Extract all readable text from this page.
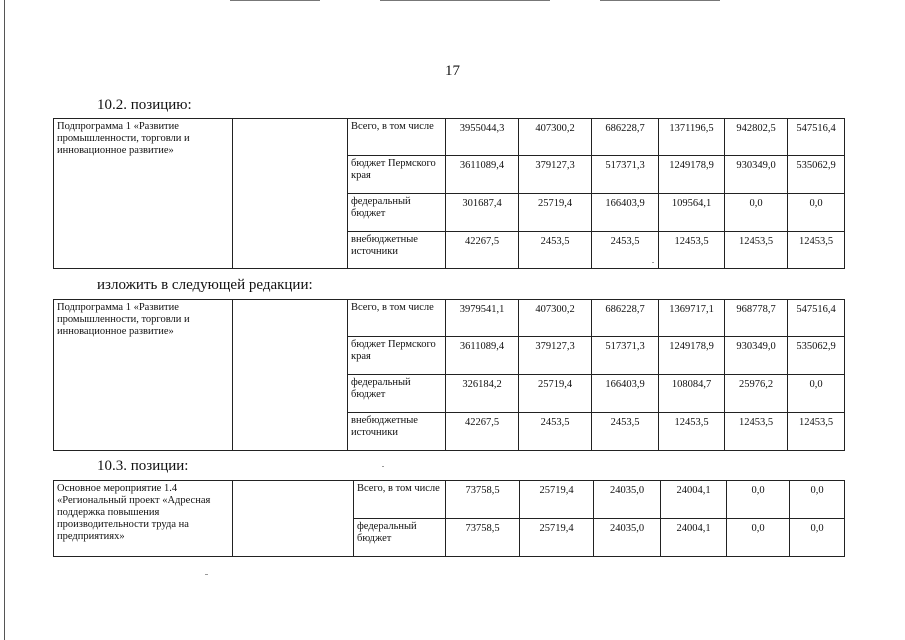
17
10.2. позицию:
Подпрограмма 1 «Развитие промышленности, торговли и инновационное развитие»		Всего, в том числе	3955044,3	407300,2	686228,7	1371196,5	942802,5	547516,4
		бюджет Пермского края	3611089,4	379127,3	517371,3	1249178,9	930349,0	535062,9
		федеральный бюджет	301687,4	25719,4	166403,9	109564,1	0,0	0,0
		внебюджетные источники	42267,5	2453,5	2453,5	12453,5	12453,5	12453,5
изложить в следующей редакции:
Подпрограмма 1 «Развитие промышленности, торговли и инновационное развитие»		Всего, в том числе	3979541,1	407300,2	686228,7	1369717,1	968778,7	547516,4
		бюджет Пермского края	3611089,4	379127,3	517371,3	1249178,9	930349,0	535062,9
		федеральный бюджет	326184,2	25719,4	166403,9	108084,7	25976,2	0,0
		внебюджетные источники	42267,5	2453,5	2453,5	12453,5	12453,5	12453,5
10.3. позиции:
Основное мероприятие 1.4 «Региональный проект «Адресная поддержка повышения производительности труда на предприятиях»		Всего, в том числе	73758,5	25719,4	24035,0	24004,1	0,0	0,0
		федеральный бюджет	73758,5	25719,4	24035,0	24004,1	0,0	0,0
